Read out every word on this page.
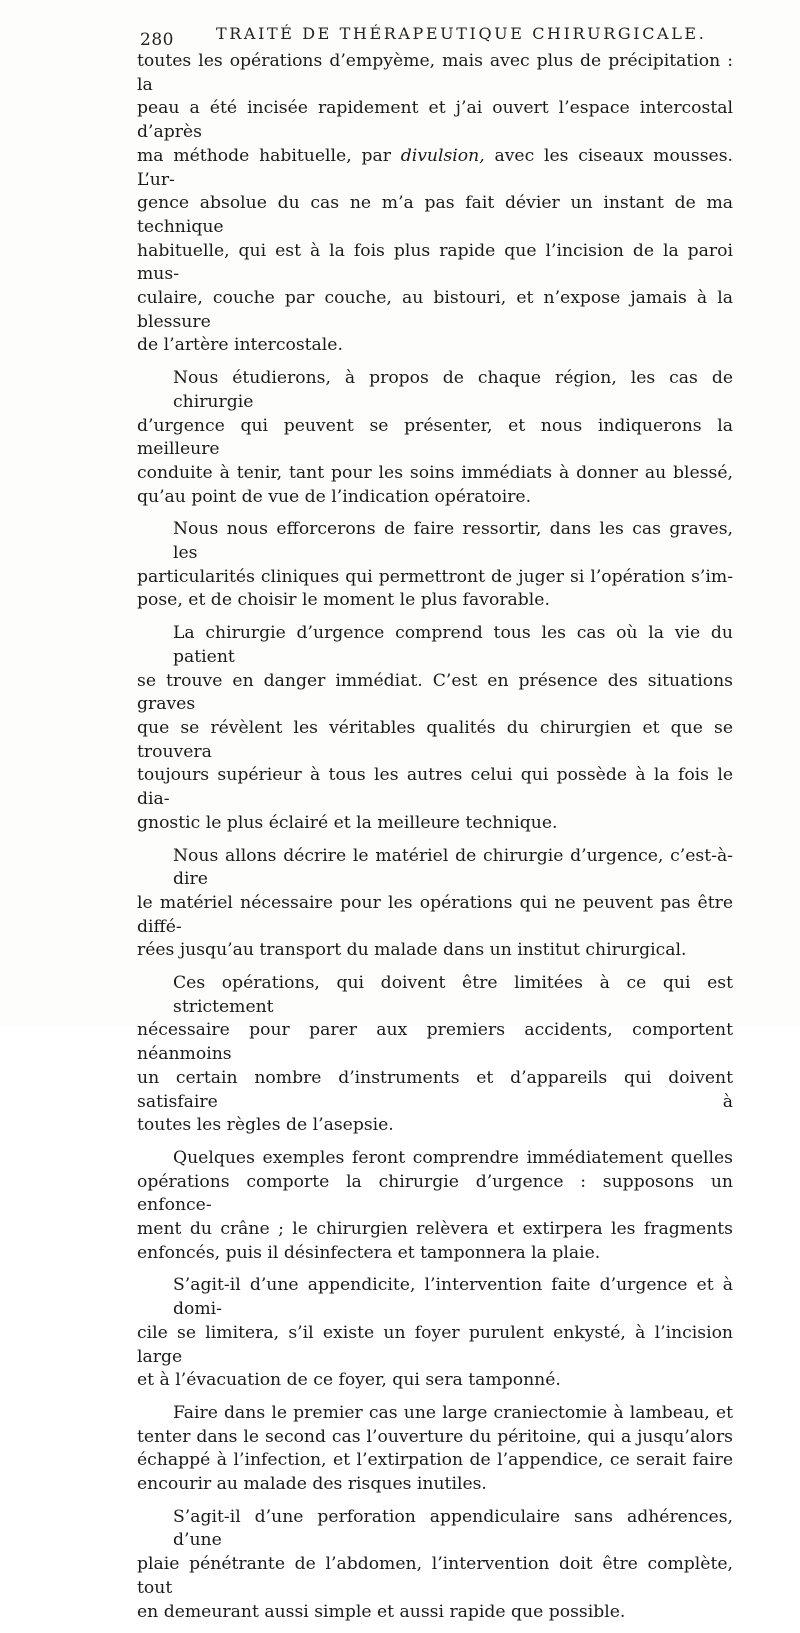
280	TRAITÉ DE THÉRAPEUTIQUE CHIRURGICALE.

toutes les opérations d’empyème, mais avec plus de précipitation : la
peau a été incisée rapidement et j’ai ouvert l’espace intercostal d’après
ma méthode habituelle, par divulsion, avec les ciseaux mousses. L’ur-
gence absolue du cas ne m’a pas fait dévier un instant de ma technique
habituelle, qui est à la fois plus rapide que l’incision de la paroi mus-
culaire, couche par couche, au bistouri, et n’expose jamais à la blessure
de l’artère intercostale.

Nous étudierons, à propos de chaque région, les cas de chirurgie
d’urgence qui peuvent se présenter, et nous indiquerons la meilleure
conduite à tenir, tant pour les soins immédiats à donner au blessé,
qu’au point de vue de l’indication opératoire.

Nous nous efforcerons de faire ressortir, dans les cas graves, les
particularités cliniques qui permettront de juger si l’opération s’im-
pose, et de choisir le moment le plus favorable.

La chirurgie d’urgence comprend tous les cas où la vie du patient
se trouve en danger immédiat. C’est en présence des situations graves
que se révèlent les véritables qualités du chirurgien et que se trouvera
toujours supérieur à tous les autres celui qui possède à la fois le dia-
gnostic le plus éclairé et la meilleure technique.

Nous allons décrire le matériel de chirurgie d’urgence, c’est-à-dire
le matériel nécessaire pour les opérations qui ne peuvent pas être diffé-
rées jusqu’au transport du malade dans un institut chirurgical.

Ces opérations, qui doivent être limitées à ce qui est strictement
nécessaire pour parer aux premiers accidents, comportent néanmoins
un certain nombre d’instruments et d’appareils qui doivent satisfaire à
toutes les règles de l’asepsie.

Quelques exemples feront comprendre immédiatement quelles
opérations comporte la chirurgie d’urgence : supposons un enfonce-
ment du crâne ; le chirurgien relèvera et extirpera les fragments
enfoncés, puis il désinfectera et tamponnera la plaie.

S’agit-il d’une appendicite, l’intervention faite d’urgence et à domi-
cile se limitera, s’il existe un foyer purulent enkysté, à l’incision large
et à l’évacuation de ce foyer, qui sera tamponné.

Faire dans le premier cas une large craniectomie à lambeau, et
tenter dans le second cas l’ouverture du péritoine, qui a jusqu’alors
échappé à l’infection, et l’extirpation de l’appendice, ce serait faire
encourir au malade des risques inutiles.

S’agit-il d’une perforation appendiculaire sans adhérences, d’une
plaie pénétrante de l’abdomen, l’intervention doit être complète, tout
en demeurant aussi simple et aussi rapide que possible.
